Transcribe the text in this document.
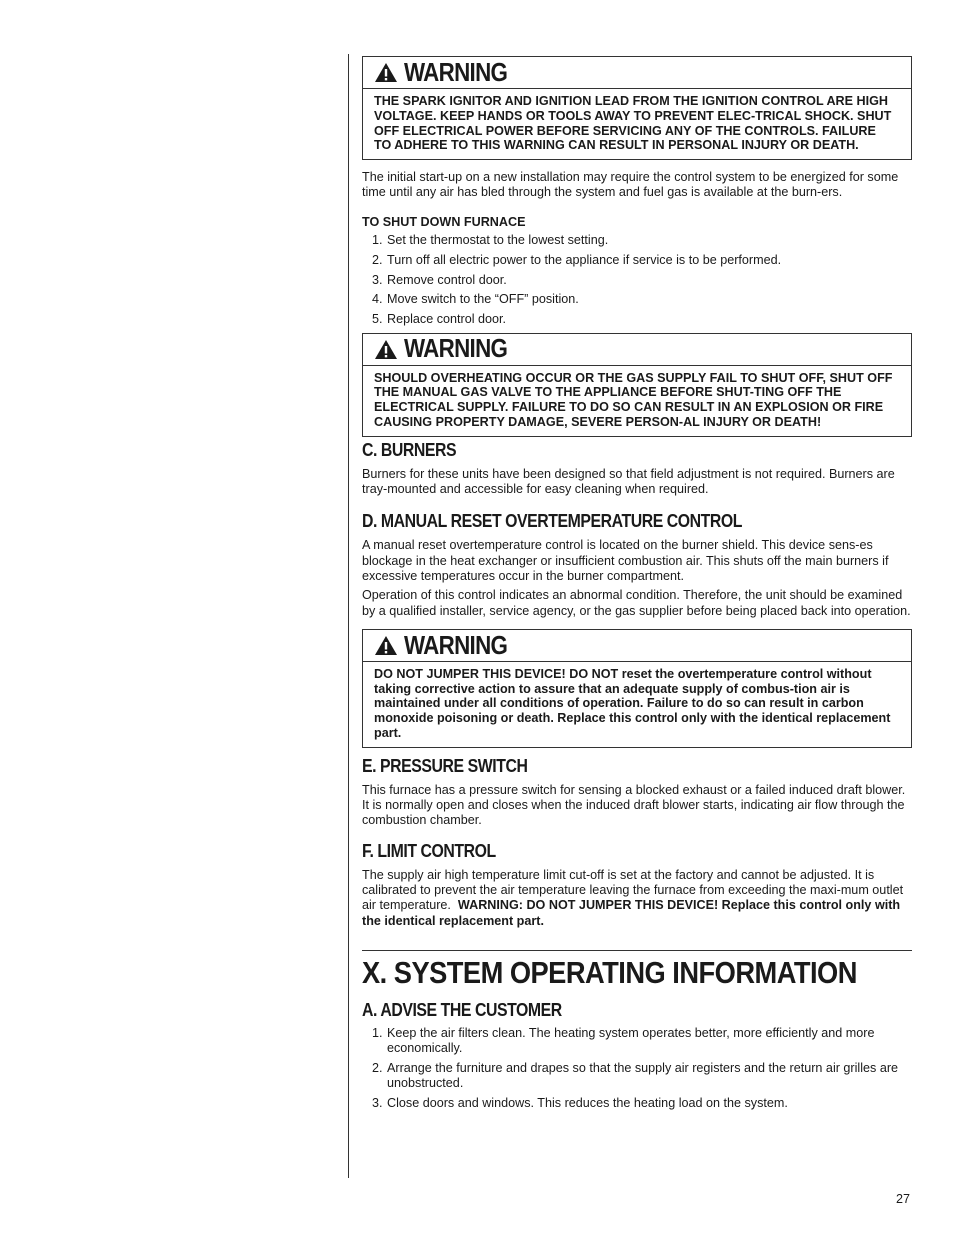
WARNING
THE SPARK IGNITOR AND IGNITION LEAD FROM THE IGNITION CONTROL ARE HIGH VOLTAGE. KEEP HANDS OR TOOLS AWAY TO PREVENT ELEC-TRICAL SHOCK. SHUT OFF ELECTRICAL POWER BEFORE SERVICING ANY OF THE CONTROLS. FAILURE TO ADHERE TO THIS WARNING CAN RESULT IN PERSONAL INJURY OR DEATH.

The initial start-up on a new installation may require the control system to be energized for some time until any air has bled through the system and fuel gas is available at the burn-ers.

TO SHUT DOWN FURNACE
1. Set the thermostat to the lowest setting.
2. Turn off all electric power to the appliance if service is to be performed.
3. Remove control door.
4. Move switch to the “OFF” position.
5. Replace control door.
WARNING
SHOULD OVERHEATING OCCUR OR THE GAS SUPPLY FAIL TO SHUT OFF, SHUT OFF THE MANUAL GAS VALVE TO THE APPLIANCE BEFORE SHUT-TING OFF THE ELECTRICAL SUPPLY. FAILURE TO DO SO CAN RESULT IN AN EXPLOSION OR FIRE CAUSING PROPERTY DAMAGE, SEVERE PERSON-AL INJURY OR DEATH!
C. BURNERS

Burners for these units have been designed so that field adjustment is not required. Burners are tray-mounted and accessible for easy cleaning when required.

D. MANUAL RESET OVERTEMPERATURE CONTROL

A manual reset overtemperature control is located on the burner shield. This device sens-es blockage in the heat exchanger or insufficient combustion air. This shuts off the main burners if excessive temperatures occur in the burner compartment.

Operation of this control indicates an abnormal condition. Therefore, the unit should be examined by a qualified installer, service agency, or the gas supplier before being placed back into operation.

WARNING
DO NOT JUMPER THIS DEVICE! DO NOT reset the overtemperature control without taking corrective action to assure that an adequate supply of combus-tion air is maintained under all conditions of operation. Failure to do so can result in carbon monoxide poisoning or death. Replace this control only with the identical replacement part.
E. PRESSURE SWITCH

This furnace has a pressure switch for sensing a blocked exhaust or a failed induced draft blower. It is normally open and closes when the induced draft blower starts, indicating air flow through the combustion chamber.

F. LIMIT CONTROL

The supply air high temperature limit cut-off is set at the factory and cannot be adjusted. It is calibrated to prevent the air temperature leaving the furnace from exceeding the maxi-mum outlet air temperature. WARNING: DO NOT JUMPER THIS DEVICE! Replace this control only with the identical replacement part.

X. SYSTEM OPERATING INFORMATION
A. ADVISE THE CUSTOMER
1. Keep the air filters clean. The heating system operates better, more efficiently and more economically.
2. Arrange the furniture and drapes so that the supply air registers and the return air grilles are unobstructed.
3. Close doors and windows. This reduces the heating load on the system.
27
